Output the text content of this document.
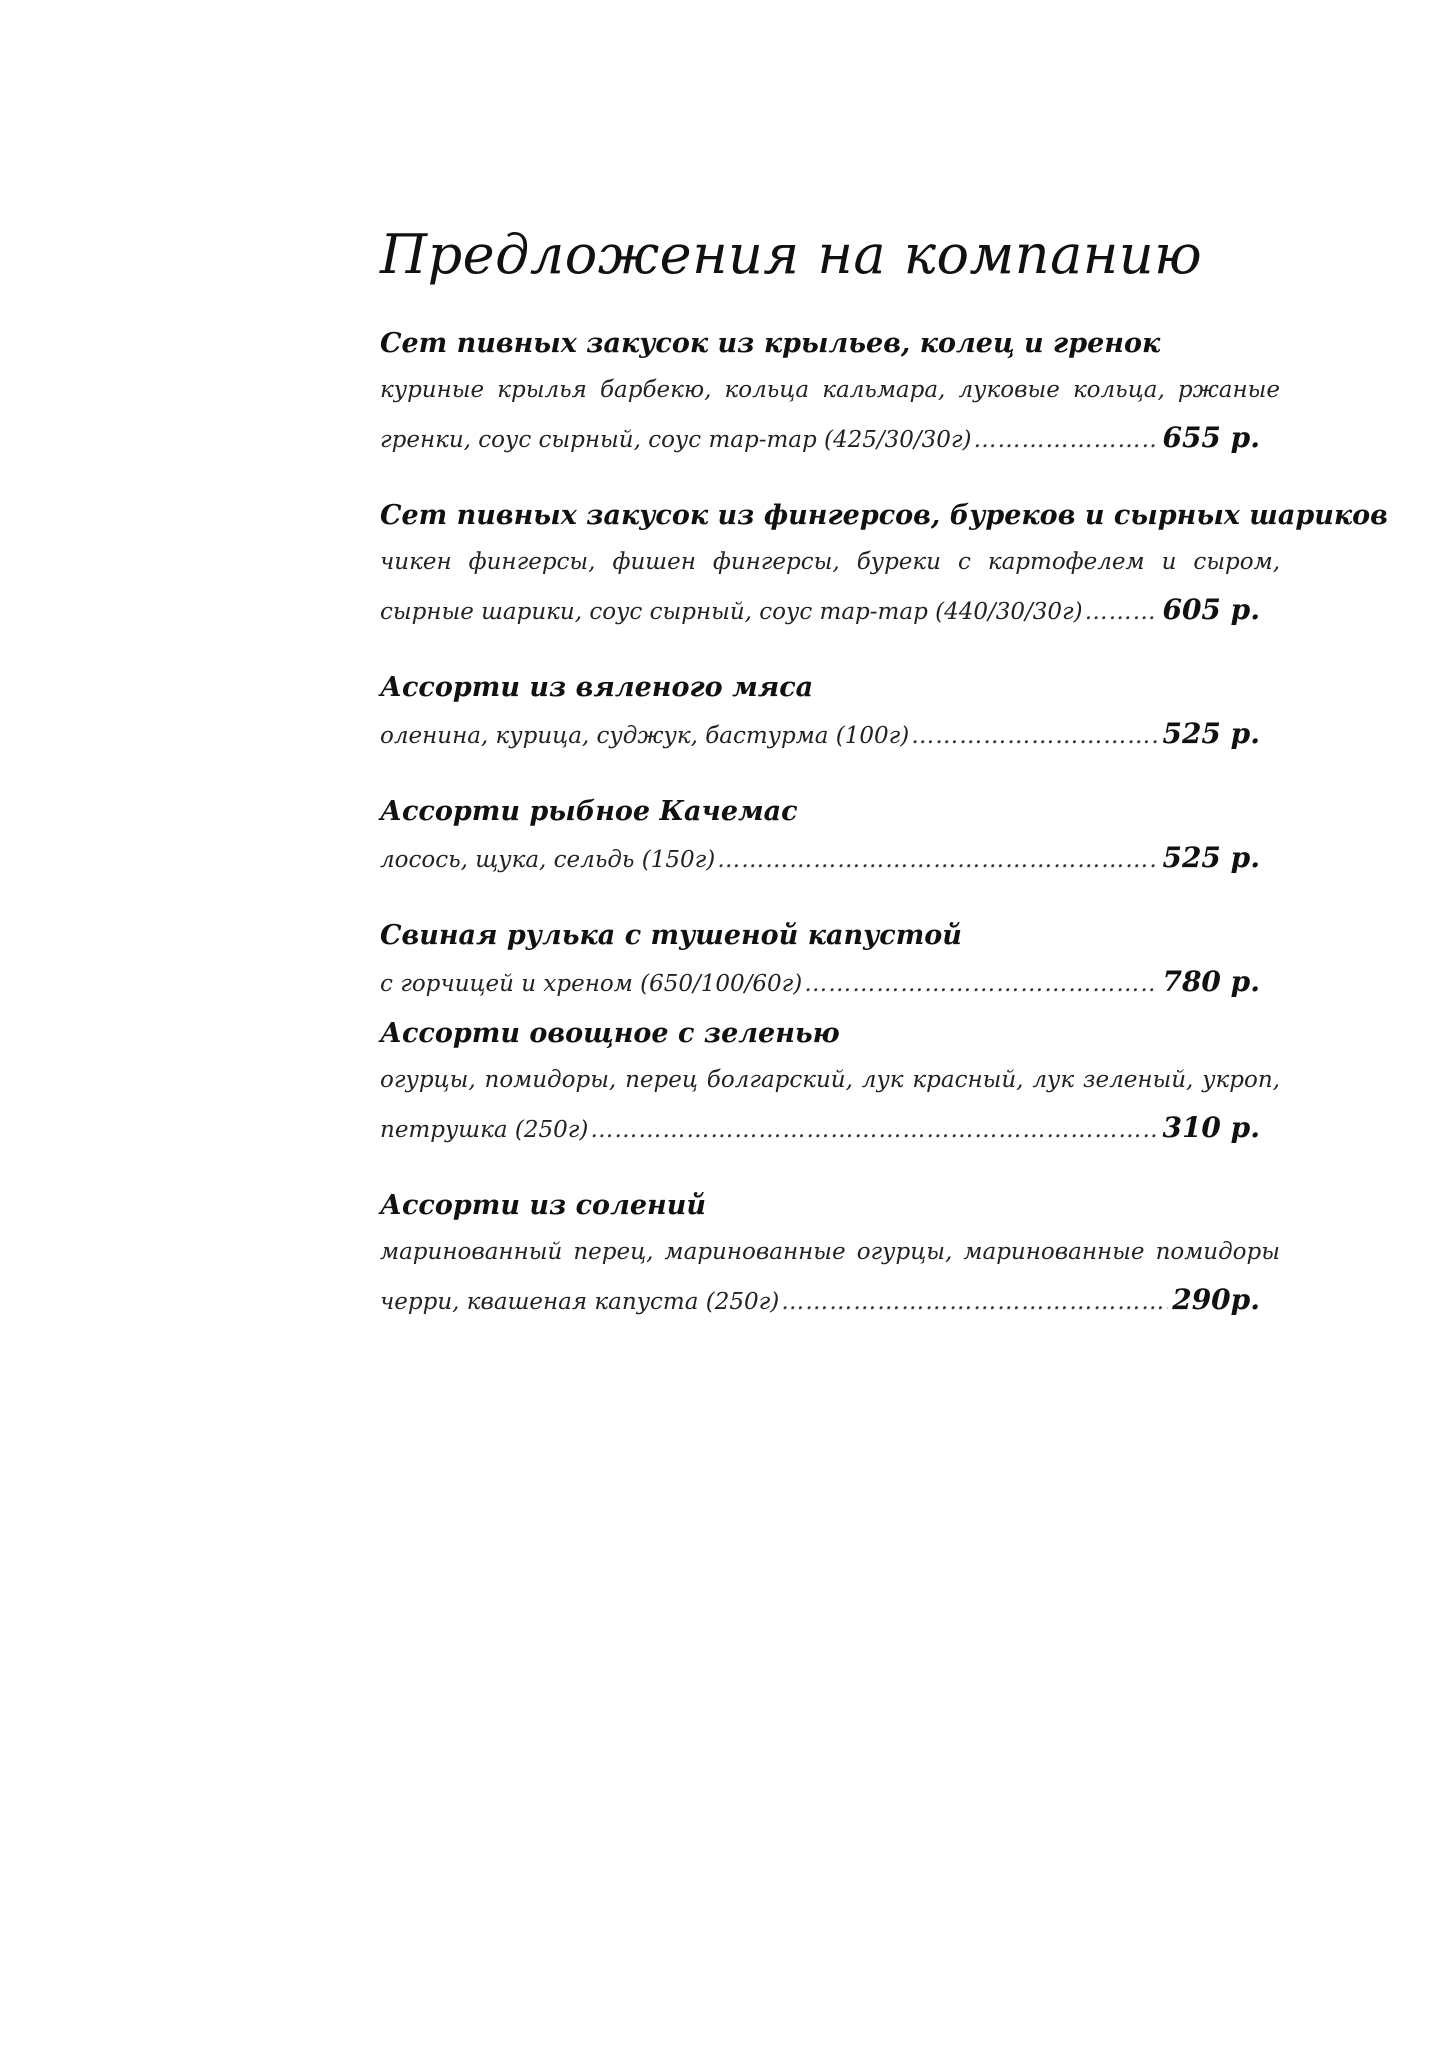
Предложения на компанию
Сет пивных закусок из крыльев, колец и гренок
куриные крылья барбекю, кольца кальмара, луковые кольца, ржаные
гренки, соус сырный, соус тар-тар (425/30/30г) ……………………………………………………………………………………………………………………………………………………………………………………………………	655 р.
Сет пивных закусок из фингерсов, буреков и сырных шариков
чикен фингерсы, фишен фингерсы, буреки с картофелем и сыром,
сырные шарики, соус сырный, соус тар-тар (440/30/30г) ……………………………………………………………………………………………………………………………………………………………………………………………………	605 р.
Ассорти из вяленого мяса
оленина, курица, суджук, бастурма (100г) ……………………………………………………………………………………………………………………………………………………………………………………………………	525 р.
Ассорти рыбное Качемас
лосось, щука, сельдь (150г) ……………………………………………………………………………………………………………………………………………………………………………………………………	525 р.
Свиная рулька с тушеной капустой
с горчицей и хреном (650/100/60г) ……………………………………………………………………………………………………………………………………………………………………………………………………	780 р.
Ассорти овощное с зеленью
огурцы, помидоры, перец болгарский, лук красный, лук зеленый, укроп,
петрушка (250г) ……………………………………………………………………………………………………………………………………………………………………………………………………	310 р.
Ассорти из солений
маринованный перец, маринованные огурцы, маринованные помидоры
черри, квашеная капуста (250г) ……………………………………………………………………………………………………………………………………………………………………………………………………	290р.
